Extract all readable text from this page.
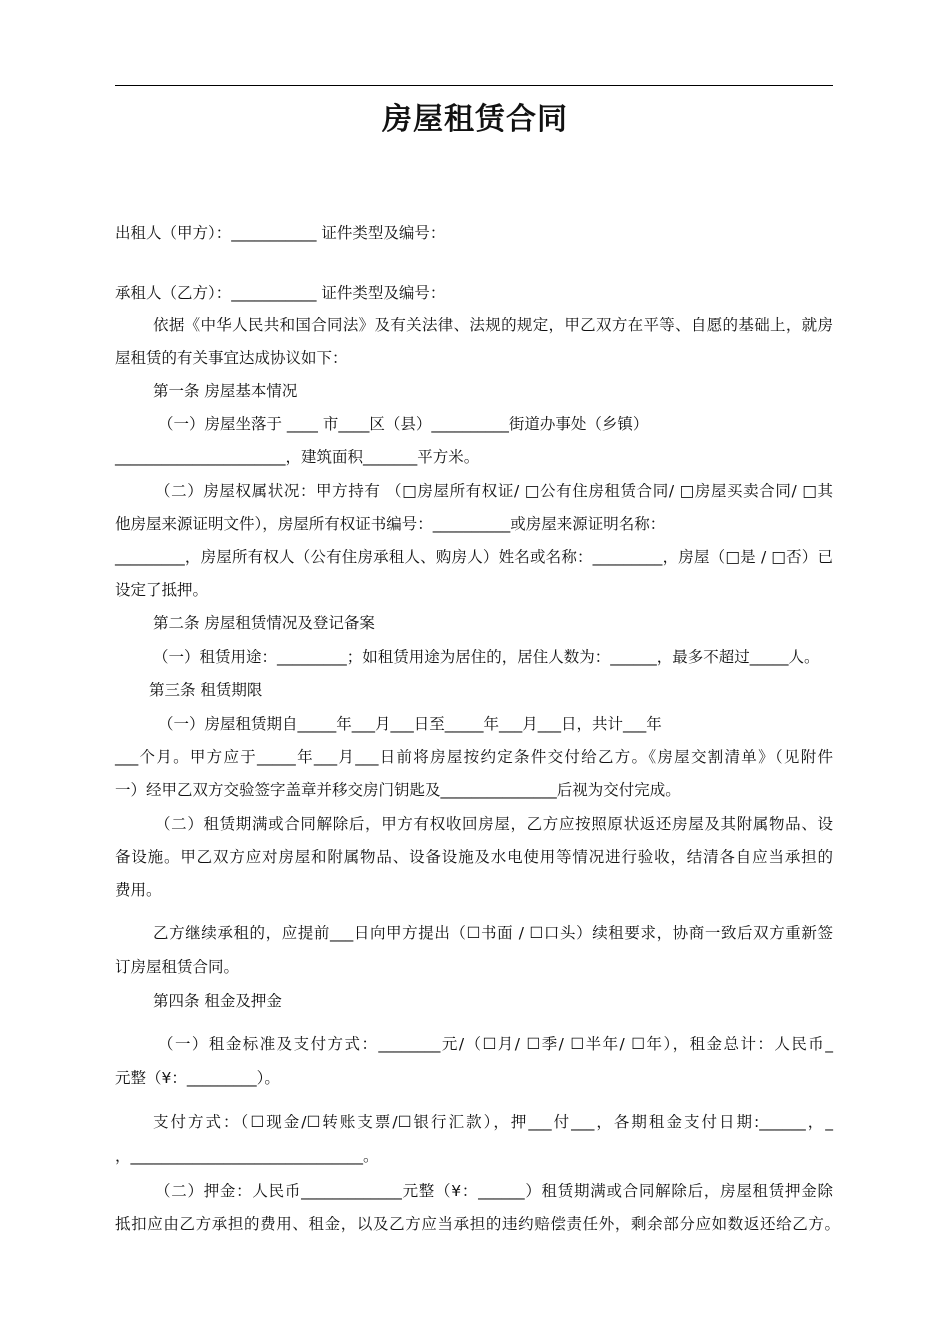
房屋租赁合同
出租人（甲方）：___________ 证件类型及编号：
承租人（乙方）：___________ 证件类型及编号：
依据《中华人民共和国合同法》及有关法律、法规的规定，甲乙双方在平等、自愿的基础上，就房
屋租赁的有关事宜达成协议如下：
第一条 房屋基本情况
（一）房屋坐落于 ____ 市____区（县）__________街道办事处（乡镇）
______________________，建筑面积_______平方米。
（二）房屋权属状况：甲方持有 （□房屋所有权证/ □公有住房租赁合同/ □房屋买卖合同/ □其
他房屋来源证明文件），房屋所有权证书编号：__________或房屋来源证明名称：
_________，房屋所有权人（公有住房承租人、购房人）姓名或名称：_________，房屋（□是 / □否）已
设定了抵押。
第二条 房屋租赁情况及登记备案
（一）租赁用途：_________；如租赁用途为居住的，居住人数为：______，最多不超过_____人。
第三条 租赁期限
（一）房屋租赁期自_____年___月___日至_____年___月___日，共计___年
___个月。甲方应于_____年___月___日前将房屋按约定条件交付给乙方。《房屋交割清单》（见附件
一）经甲乙双方交验签字盖章并移交房门钥匙及_______________后视为交付完成。
（二）租赁期满或合同解除后，甲方有权收回房屋，乙方应按照原状返还房屋及其附属物品、设
备设施。甲乙双方应对房屋和附属物品、设备设施及水电使用等情况进行验收，结清各自应当承担的
费用。
乙方继续承租的，应提前___日向甲方提出（☐书面 / ☐口头）续租要求，协商一致后双方重新签
订房屋租赁合同。
第四条 租金及押金
（一）租金标准及支付方式：________元/（☐月/ ☐季/ ☐半年/ ☐年），租金总计：人民币_
元整（¥：_________）。
支付方式：（☐现金/☐转账支票/☐银行汇款），押___付___，各期租金支付日期:______，_
，______________________________。
（二）押金：人民币_____________元整（¥：______）租赁期满或合同解除后，房屋租赁押金除
抵扣应由乙方承担的费用、租金，以及乙方应当承担的违约赔偿责任外，剩余部分应如数返还给乙方。
